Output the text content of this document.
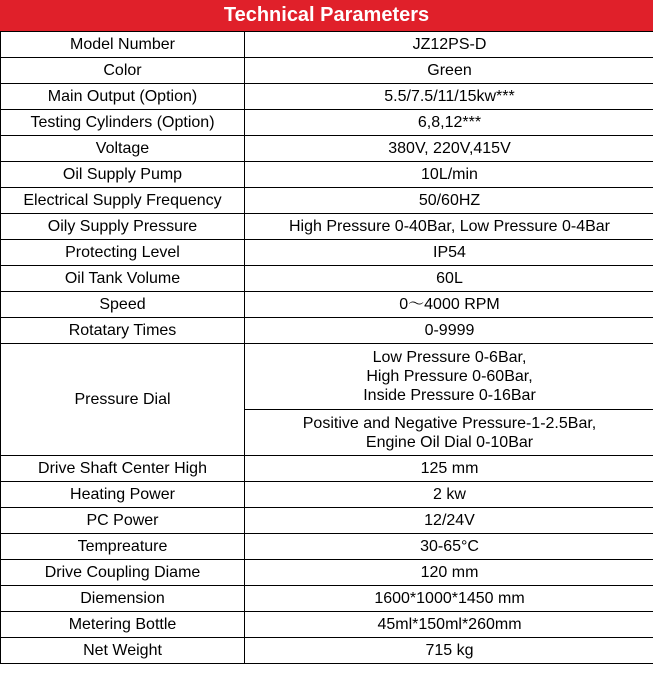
Technical Parameters
Model Number	JZ12PS-D
Color	Green
Main Output (Option)	5.5/7.5/11/15kw***
Testing Cylinders (Option)	6,8,12***
Voltage	380V, 220V,415V
Oil Supply Pump	10L/min
Electrical Supply Frequency	50/60HZ
Oily Supply Pressure	High Pressure 0-40Bar, Low Pressure 0-4Bar
Protecting Level	IP54
Oil Tank Volume	60L
Speed	0～4000 RPM
Rotatary Times	0-9999
Pressure Dial	Low Pressure 0-6Bar,
High Pressure 0-60Bar,
Inside Pressure 0-16Bar

	Positive and Negative Pressure-1-2.5Bar,
Engine Oil Dial 0-10Bar

Drive Shaft Center High	125 mm
Heating Power	2 kw
PC Power	12/24V
Tempreature	30-65°C
Drive Coupling Diame	120 mm
Diemension	1600*1000*1450 mm
Metering Bottle	45ml*150ml*260mm
Net Weight	715 kg
